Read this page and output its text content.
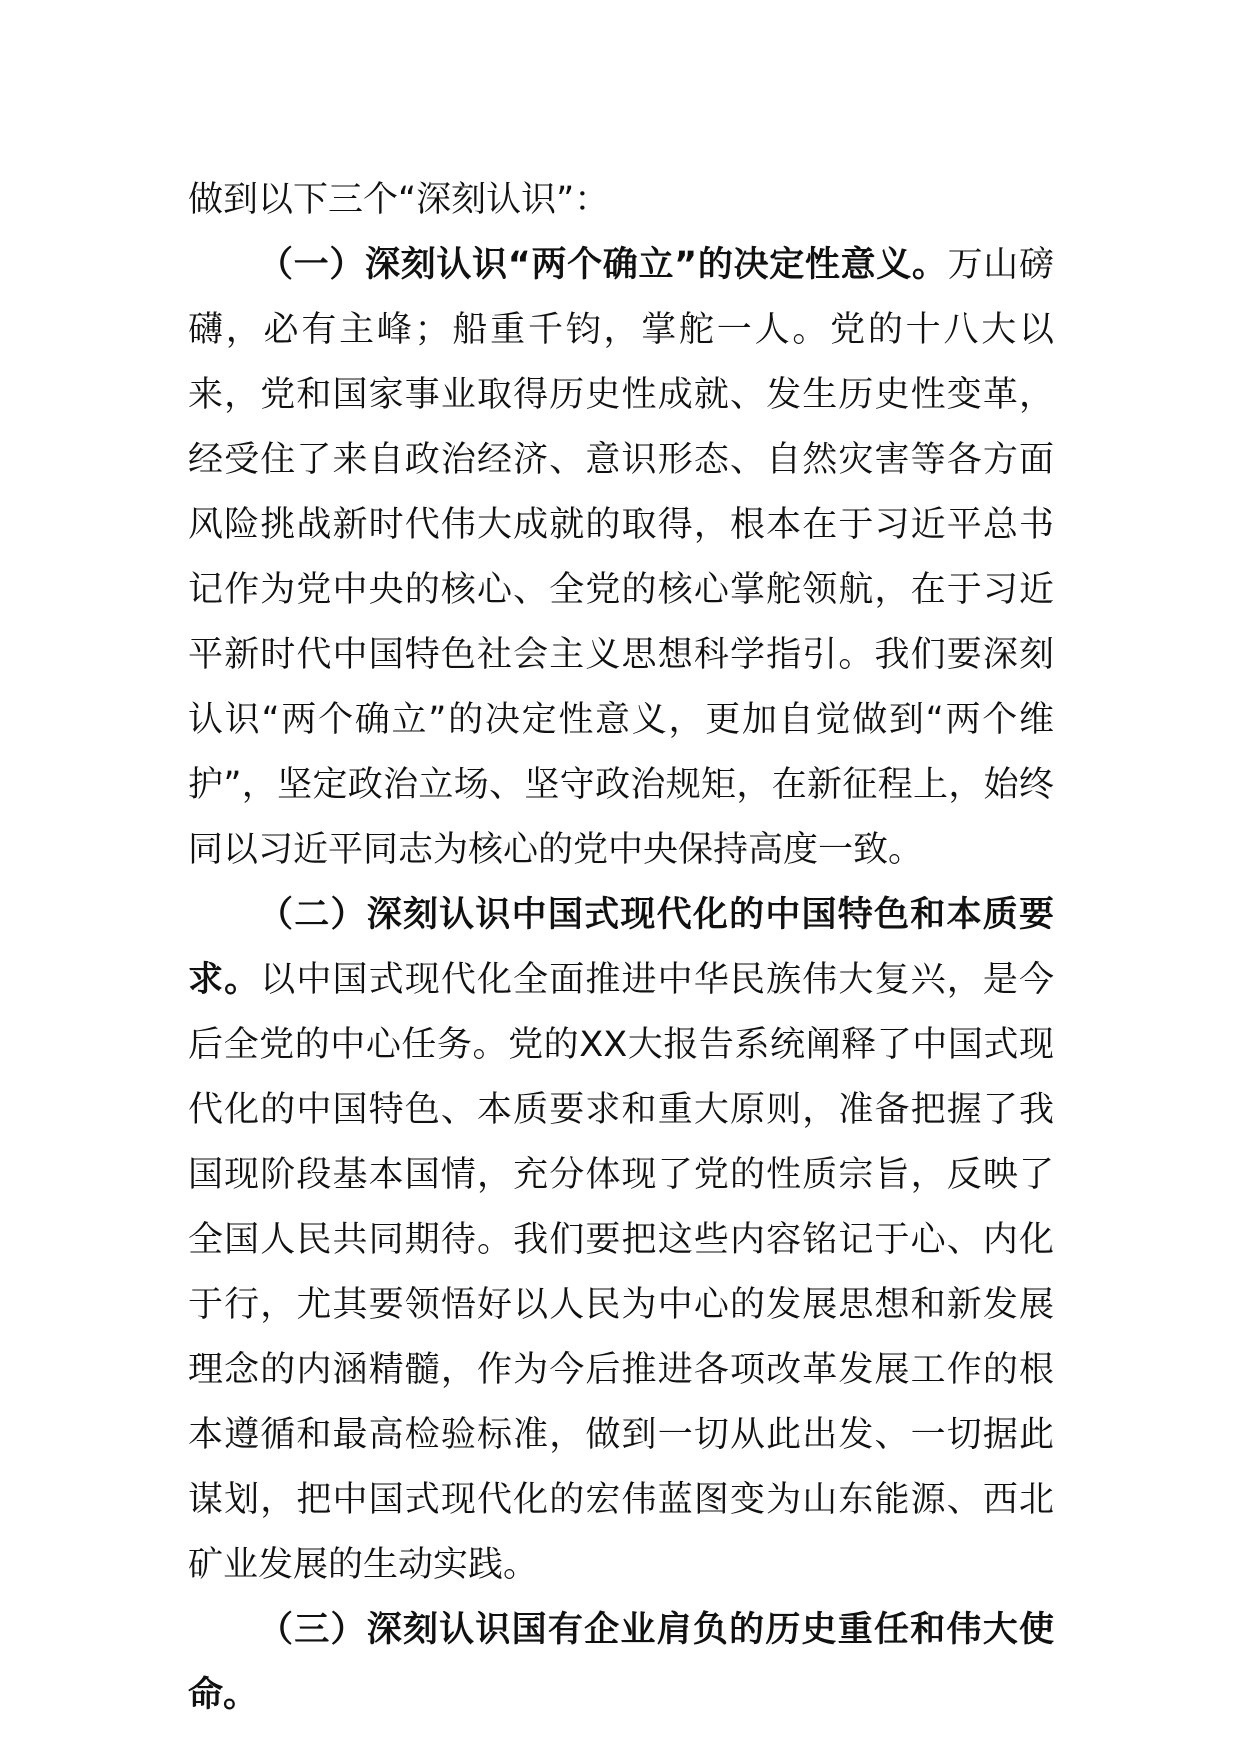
做到以下三个“深刻认识”：

（一）深刻认识“两个确立”的决定性意义。万山磅礴，必有主峰；船重千钧，掌舵一人。党的十八大以来，党和国家事业取得历史性成就、发生历史性变革，经受住了来自政治经济、意识形态、自然灾害等各方面风险挑战新时代伟大成就的取得，根本在于习近平总书记作为党中央的核心、全党的核心掌舵领航，在于习近平新时代中国特色社会主义思想科学指引。我们要深刻认识“两个确立”的决定性意义，更加自觉做到“两个维护”，坚定政治立场、坚守政治规矩，在新征程上，始终同以习近平同志为核心的党中央保持高度一致。

（二）深刻认识中国式现代化的中国特色和本质要求。以中国式现代化全面推进中华民族伟大复兴，是今后全党的中心任务。党的XX大报告系统阐释了中国式现代化的中国特色、本质要求和重大原则，准备把握了我国现阶段基本国情，充分体现了党的性质宗旨，反映了全国人民共同期待。我们要把这些内容铭记于心、内化于行，尤其要领悟好以人民为中心的发展思想和新发展理念的内涵精髓，作为今后推进各项改革发展工作的根本遵循和最高检验标准，做到一切从此出发、一切据此谋划，把中国式现代化的宏伟蓝图变为山东能源、西北矿业发展的生动实践。

（三）深刻认识国有企业肩负的历史重任和伟大使命。
